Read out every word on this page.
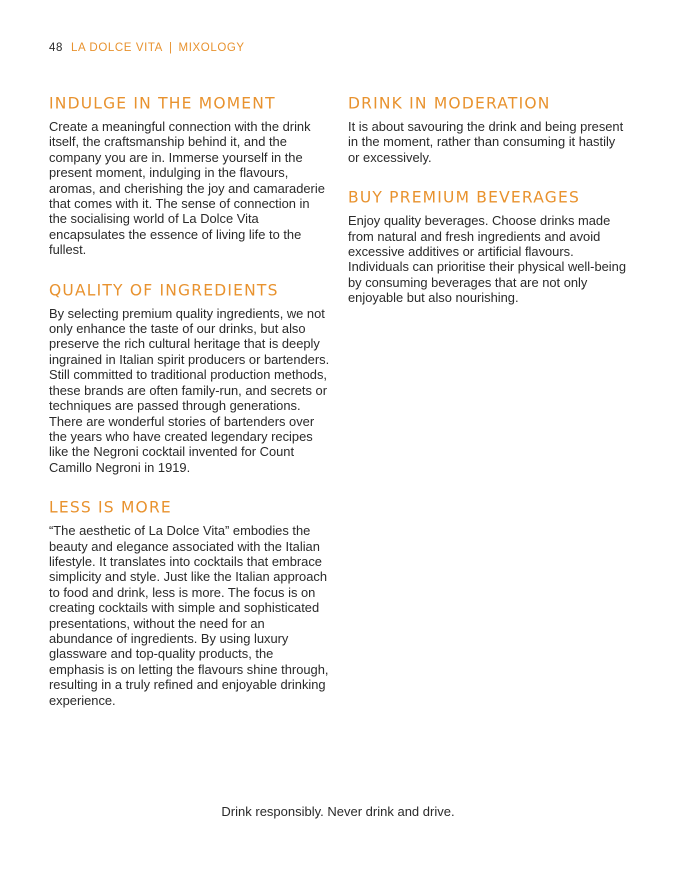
48 LA DOLCE VITA | MIXOLOGY
INDULGE IN THE MOMENT

Create a meaningful connection with the drink itself, the craftsmanship behind it, and the company you are in. Immerse yourself in the present moment, indulging in the flavours, aromas, and cherishing the joy and camaraderie that comes with it. The sense of connection in the socialising world of La Dolce Vita encapsulates the essence of living life to the fullest.

QUALITY OF INGREDIENTS

By selecting premium quality ingredients, we not only enhance the taste of our drinks, but also preserve the rich cultural heritage that is deeply ingrained in Italian spirit producers or bartenders. Still committed to traditional production methods, these brands are often family-run, and secrets or techniques are passed through generations. There are wonderful stories of bartenders over the years who have created legendary recipes like the Negroni cocktail invented for Count Camillo Negroni in 1919.

LESS IS MORE

“The aesthetic of La Dolce Vita” embodies the beauty and elegance associated with the Italian lifestyle. It translates into cocktails that embrace simplicity and style. Just like the Italian approach to food and drink, less is more. The focus is on creating cocktails with simple and sophisticated presentations, without the need for an abundance of ingredients. By using luxury glassware and top-quality products, the emphasis is on letting the flavours shine through, resulting in a truly refined and enjoyable drinking experience.

DRINK IN MODERATION

It is about savouring the drink and being present in the moment, rather than consuming it hastily or excessively.

BUY PREMIUM BEVERAGES

Enjoy quality beverages. Choose drinks made from natural and fresh ingredients and avoid excessive additives or artificial flavours. Individuals can prioritise their physical well-being by consuming beverages that are not only enjoyable but also nourishing.

Drink responsibly. Never drink and drive.
